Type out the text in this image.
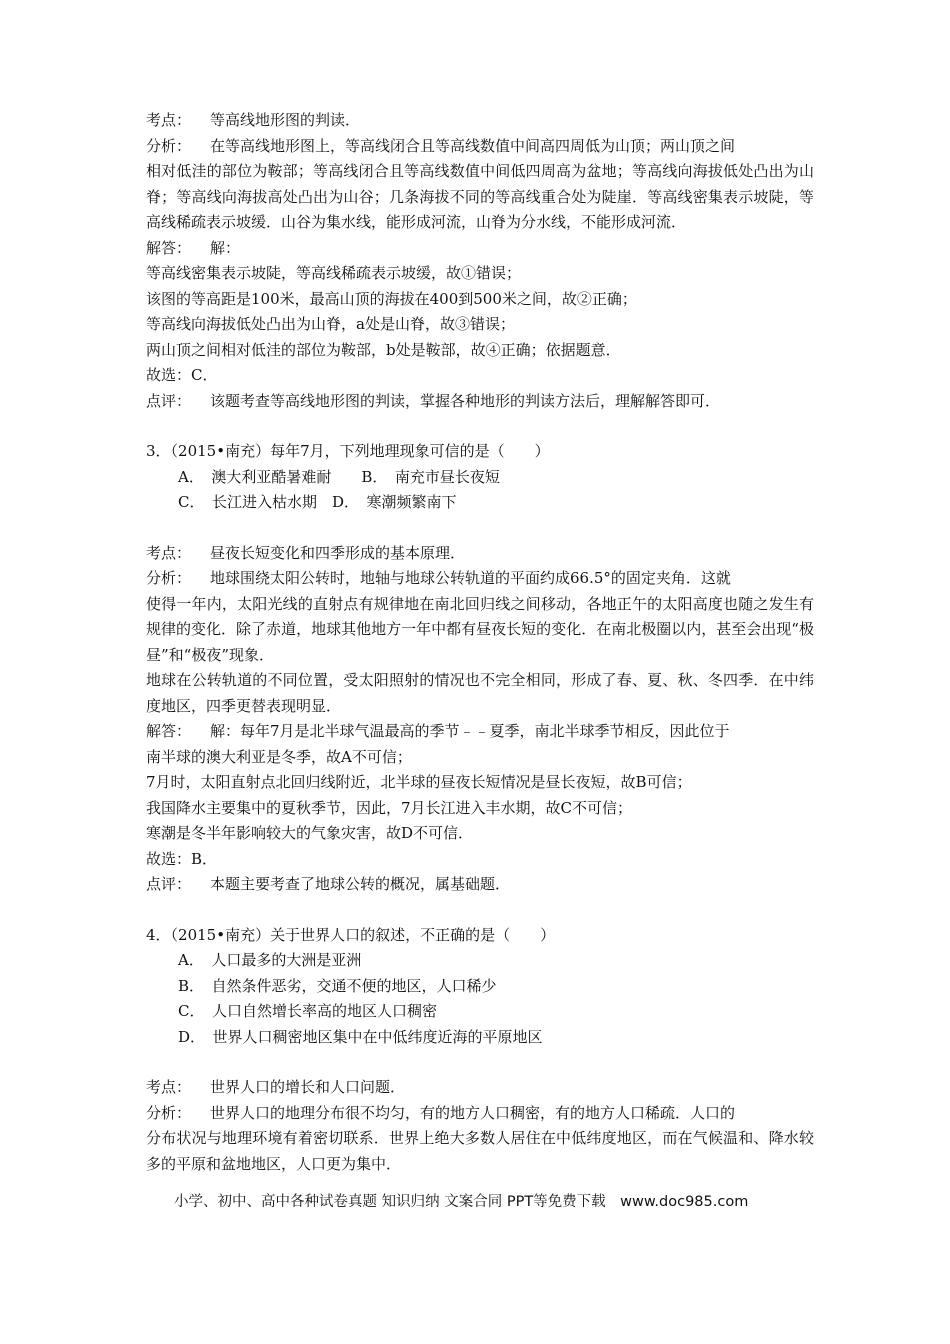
考点： 等高线地形图的判读．
分析： 在等高线地形图上，等高线闭合且等高线数值中间高四周低为山顶；两山顶之间
相对低洼的部位为鞍部；等高线闭合且等高线数值中间低四周高为盆地；等高线向海拔低处凸出为山脊；等高线向海拔高处凸出为山谷；几条海拔不同的等高线重合处为陡崖．等高线密集表示坡陡，等高线稀疏表示坡缓．山谷为集水线，能形成河流，山脊为分水线，不能形成河流．
解答： 解：
等高线密集表示坡陡，等高线稀疏表示坡缓，故①错误；
该图的等高距是100米，最高山顶的海拔在400到500米之间，故②正确；
等高线向海拔低处凸出为山脊，a处是山脊，故③错误；
两山顶之间相对低洼的部位为鞍部，b处是鞍部，故④正确；依据题意．
故选：C．
点评： 该题考查等高线地形图的判读，掌握各种地形的判读方法后，理解解答即可．
3．（2015•南充）每年7月，下列地理现象可信的是（　　）
A．　澳大利亚酷暑难耐　　B．　南充市昼长夜短
C．　长江进入枯水期　D．　寒潮频繁南下
考点： 昼夜长短变化和四季形成的基本原理．
分析： 地球围绕太阳公转时，地轴与地球公转轨道的平面约成66.5°的固定夹角．这就
使得一年内，太阳光线的直射点有规律地在南北回归线之间移动，各地正午的太阳高度也随之发生有规律的变化．除了赤道，地球其他地方一年中都有昼夜长短的变化．在南北极圈以内，甚至会出现“极昼”和“极夜”现象．
地球在公转轨道的不同位置，受太阳照射的情况也不完全相同，形成了春、夏、秋、冬四季．在中纬度地区，四季更替表现明显．
解答： 解：每年7月是北半球气温最高的季节﹣﹣夏季，南北半球季节相反，因此位于
南半球的澳大利亚是冬季，故A不可信；
7月时，太阳直射点北回归线附近，北半球的昼夜长短情况是昼长夜短，故B可信；
我国降水主要集中的夏秋季节，因此，7月长江进入丰水期，故C不可信；
寒潮是冬半年影响较大的气象灾害，故D不可信．
故选：B．
点评： 本题主要考查了地球公转的概况，属基础题．
4．（2015•南充）关于世界人口的叙述，不正确的是（　　）
A．　人口最多的大洲是亚洲
B．　自然条件恶劣，交通不便的地区，人口稀少
C．　人口自然增长率高的地区人口稠密
D．　世界人口稠密地区集中在中低纬度近海的平原地区
考点： 世界人口的增长和人口问题．
分析： 世界人口的地理分布很不均匀，有的地方人口稠密，有的地方人口稀疏．人口的
分布状况与地理环境有着密切联系．世界上绝大多数人居住在中低纬度地区，而在气候温和、降水较多的平原和盆地地区，人口更为集中．
小学、初中、高中各种试卷真题 知识归纳 文案合同 PPT等免费下载　www.doc985.com
